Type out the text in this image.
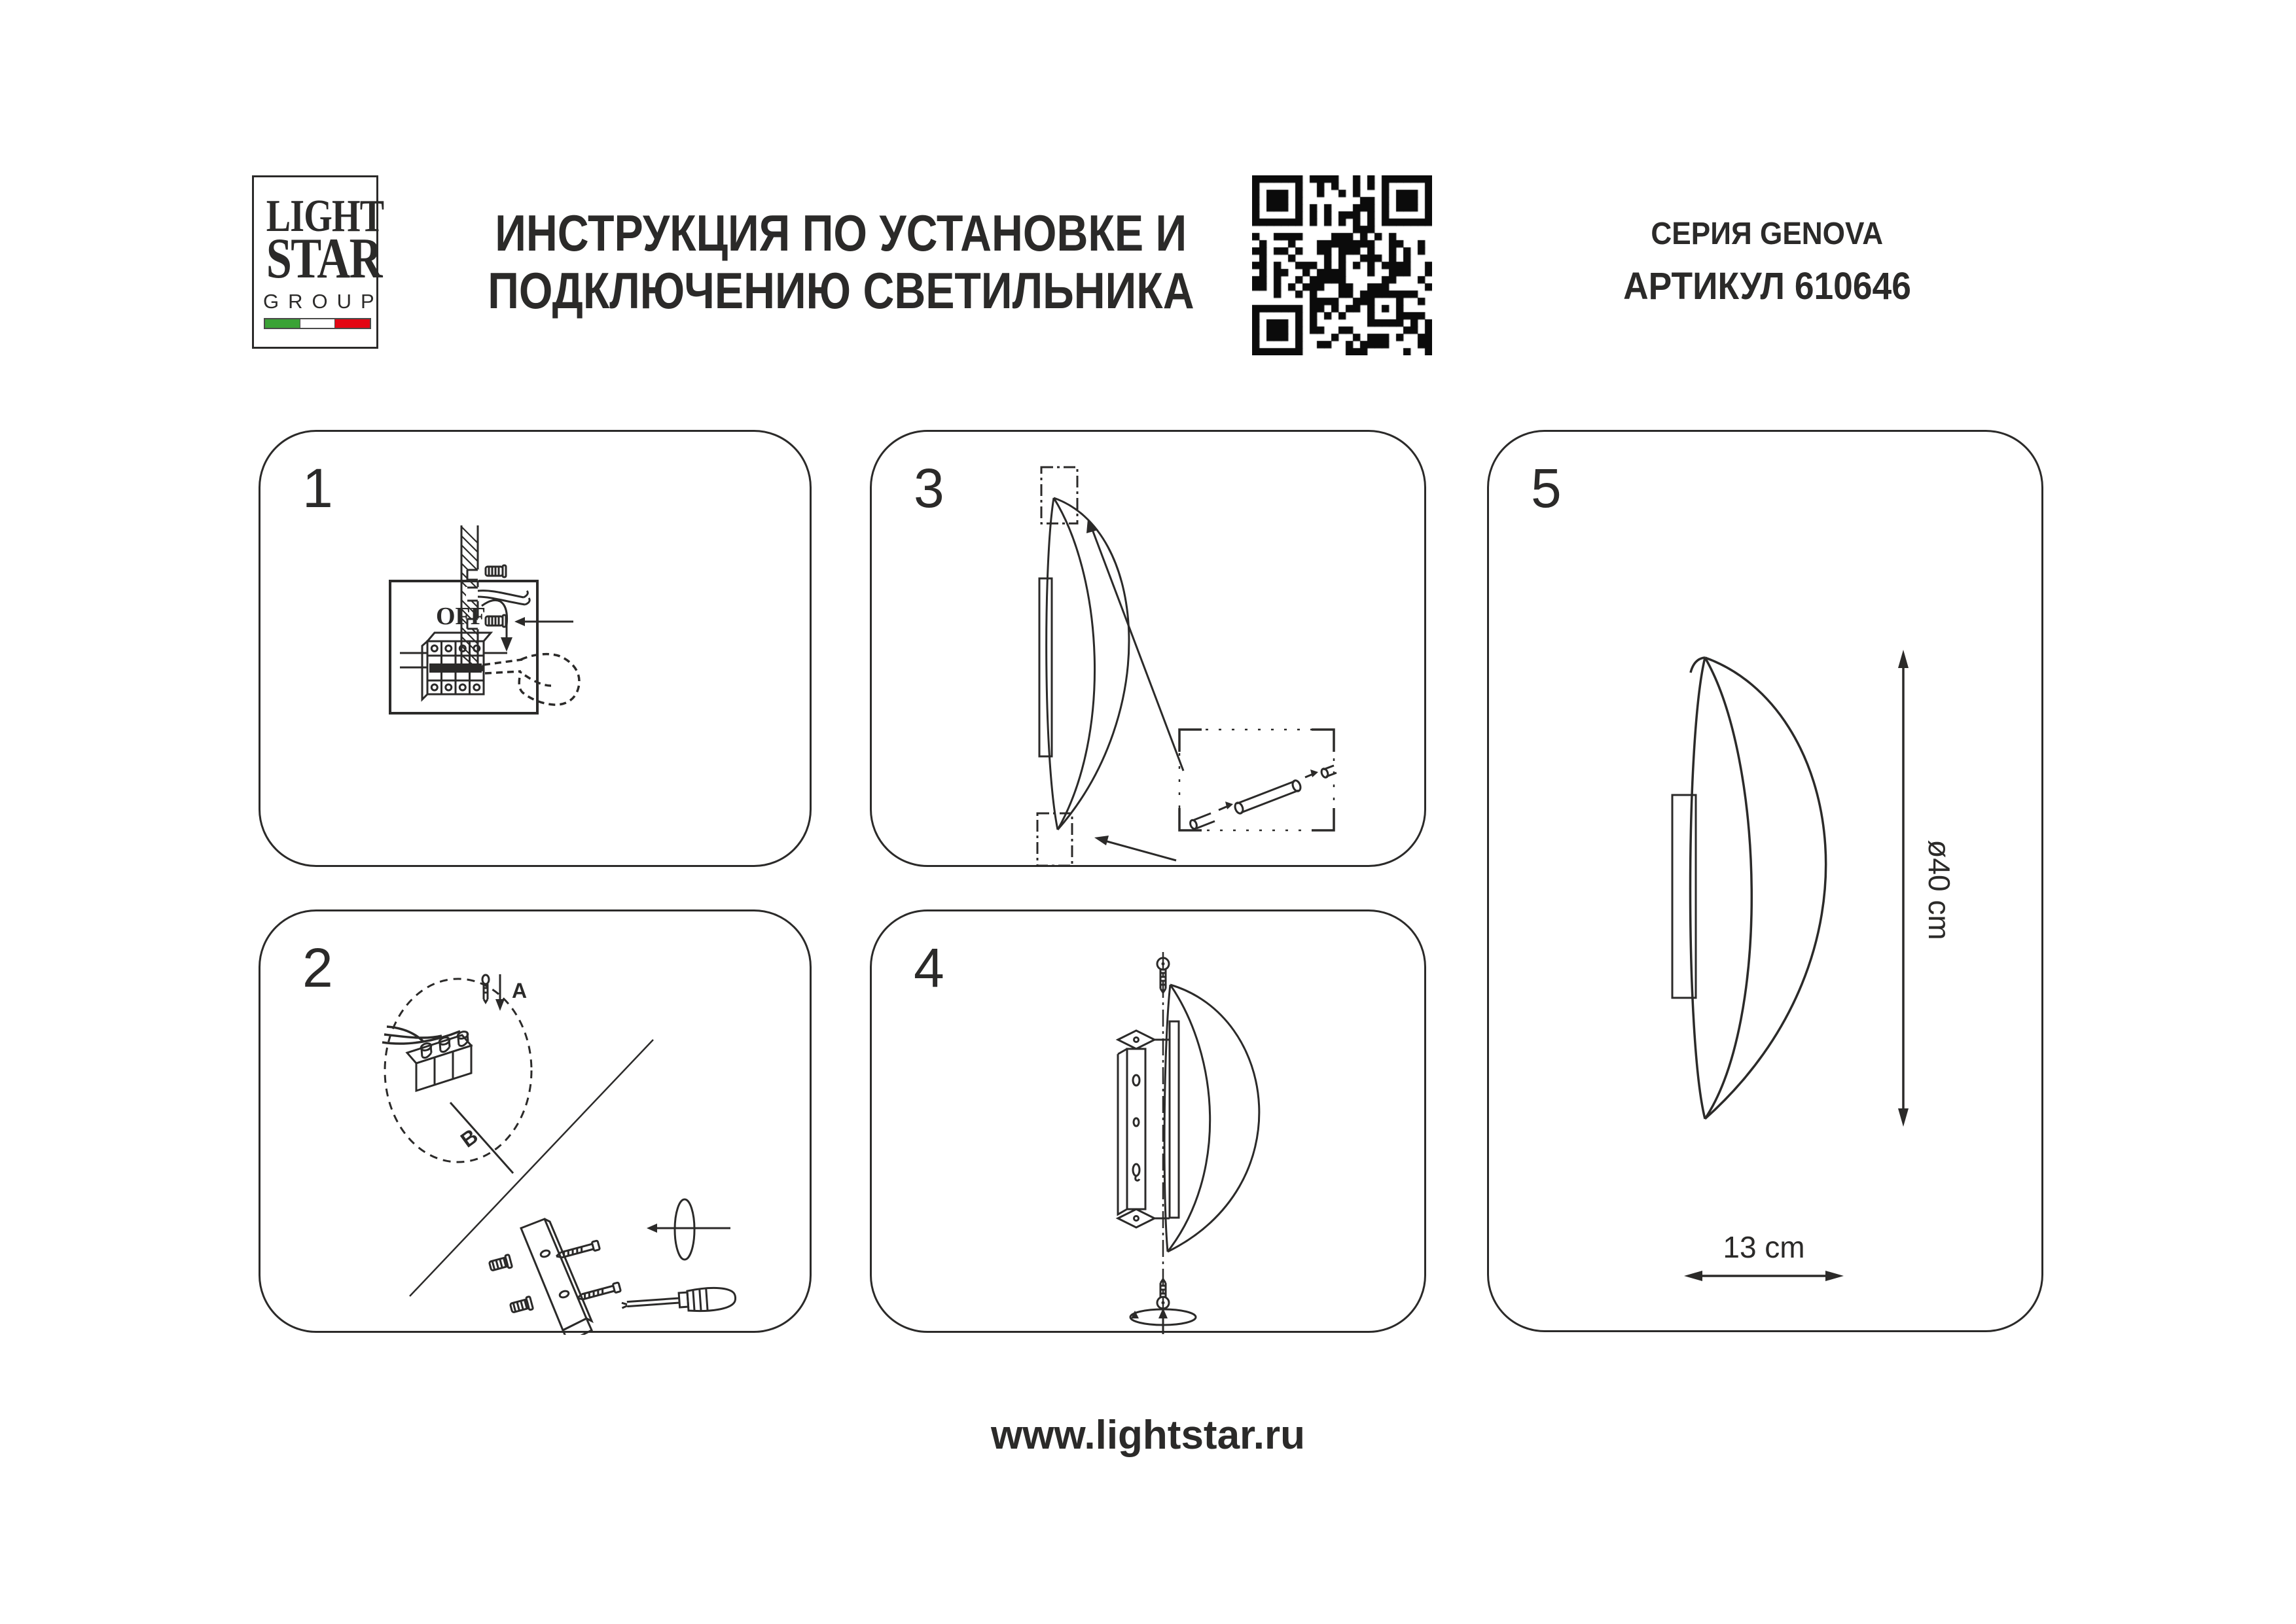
LIGHT
STAR
GROUP
ИНСТРУКЦИЯ ПО УСТАНОВКЕ И
ПОДКЛЮЧЕНИЮ СВЕТИЛЬНИКА
СЕРИЯ GENOVA
АРТИКУЛ 610646
1
OFF
2	A
B
3
4
5
ø40 cm
13 cm
www.lightstar.ru
